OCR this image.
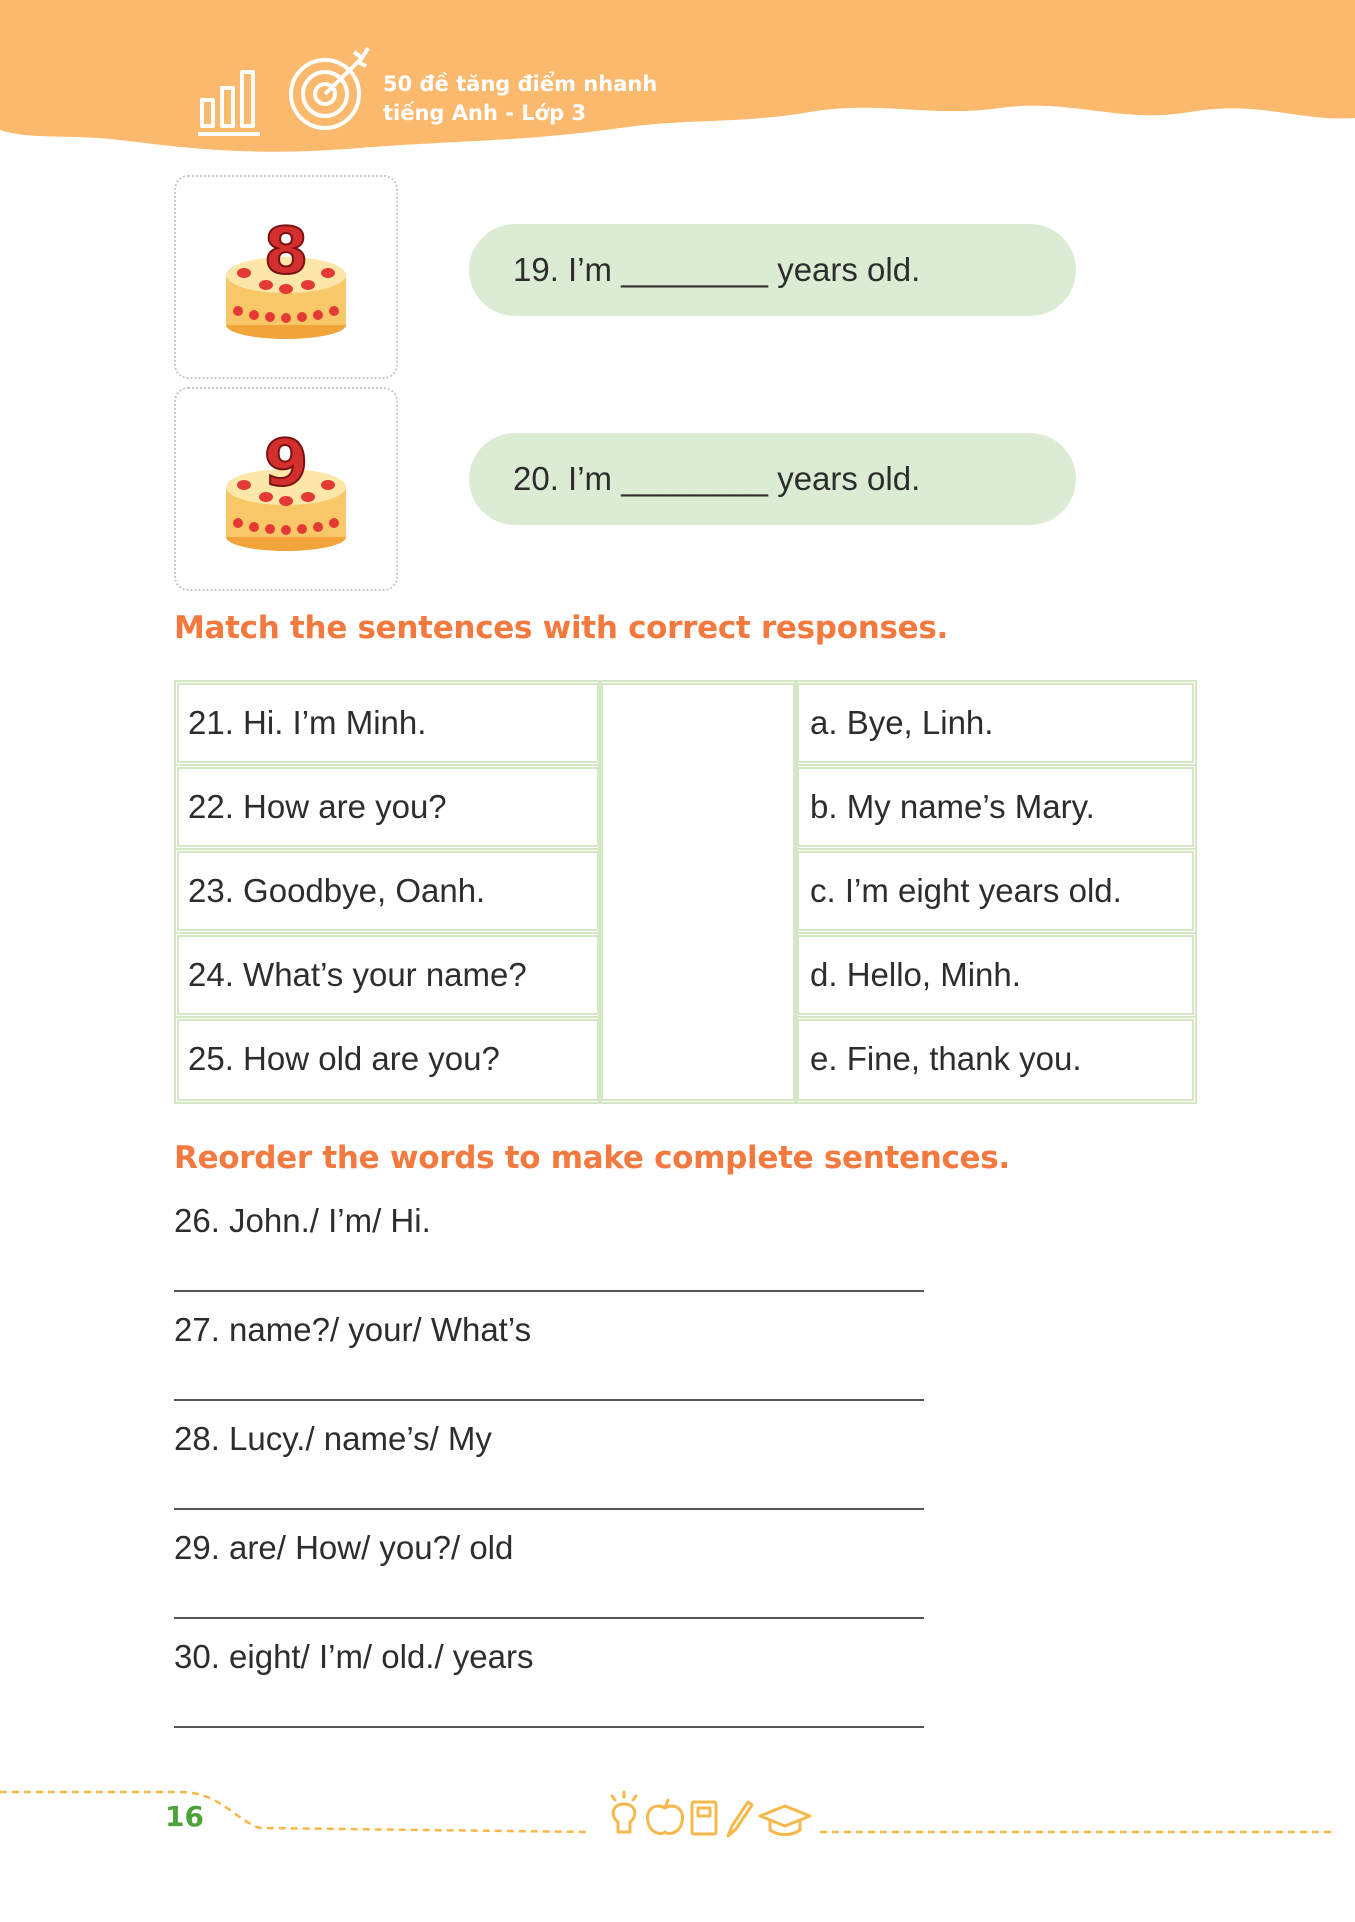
50 đề tăng điểm nhanh
tiếng Anh - Lớp 3
8	19. I’m ________ years old.
9	20. I’m ________ years old.
Match the sentences with correct responses.
21. Hi. I’m Minh.
22. How are you?
23. Goodbye, Oanh.
24. What’s your name?
25. How old are you?
a. Bye, Linh.
b. My name’s Mary.
c. I’m eight years old.
d. Hello, Minh.
e. Fine, thank you.
Reorder the words to make complete sentences.
26. John./ I’m/ Hi.
27. name?/ your/ What’s
28. Lucy./ name’s/ My
29. are/ How/ you?/ old
30. eight/ I’m/ old./ years
16
